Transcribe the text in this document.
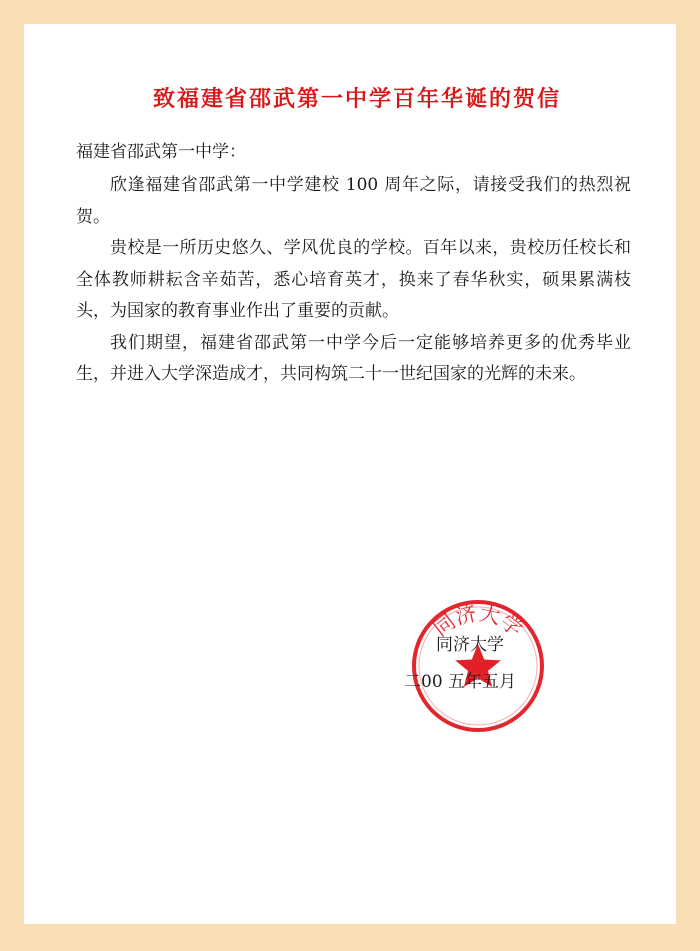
致福建省邵武第一中学百年华诞的贺信

福建省邵武第一中学：

欣逢福建省邵武第一中学建校 100 周年之际，请接受我们的热烈祝贺。

贵校是一所历史悠久、学风优良的学校。百年以来，贵校历任校长和全体教师耕耘含辛茹苦，悉心培育英才，换来了春华秋实，硕果累满枝头，为国家的教育事业作出了重要的贡献。

我们期望，福建省邵武第一中学今后一定能够培养更多的优秀毕业生，并进入大学深造成才，共同构筑二十一世纪国家的光辉的未来。

同济大学

同济大学

二00 五年五月
